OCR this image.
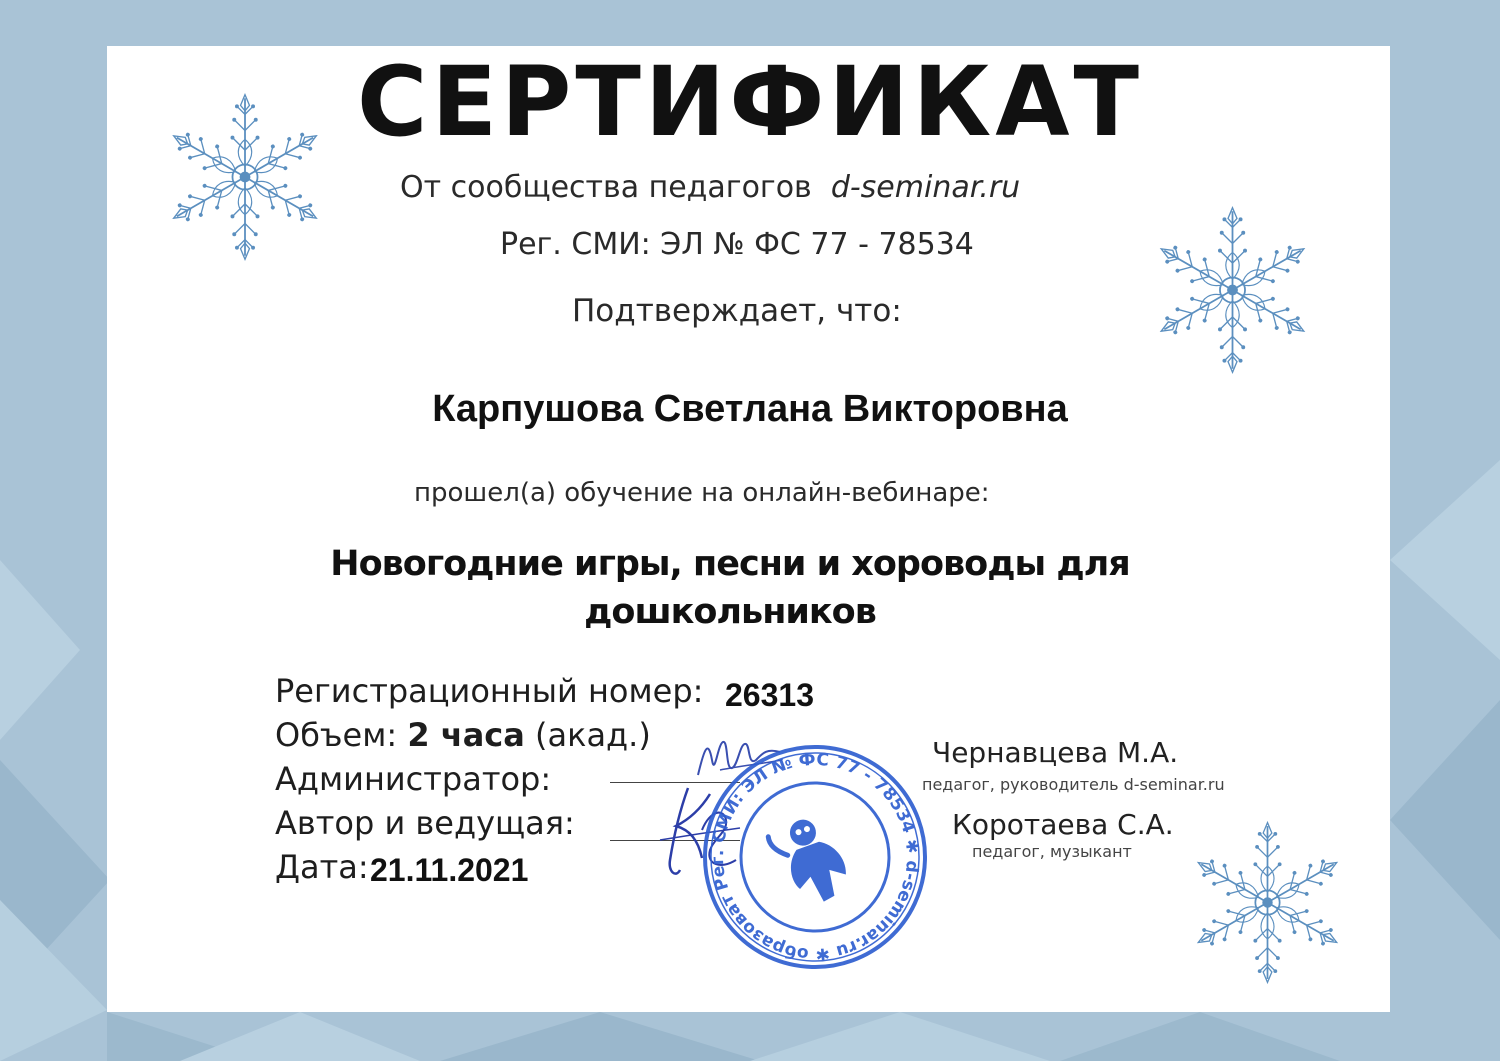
СЕРТИФИКАТ
От сообщества педагогов d-seminar.ru
Рег. СМИ: ЭЛ № ФС 77 - 78534
Подтверждает, что:
Карпушова Светлана Викторовна
прошел(а) обучение на онлайн-вебинаре:
Новогодние игры, песни и хороводы для дошкольников
Регистрационный номер: 26313
Объем: 2 часа (акад.)
Администратор:
Автор и ведущая:
Дата: 21.11.2021	Рег. СМИ: ЭЛ № ФС 77 - 78534 ✱ d-seminar.ru ✱ образовательный
Чернавцева М.А.
педагог, руководитель d-seminar.ru
Коротаева С.А.
педагог, музыкант
